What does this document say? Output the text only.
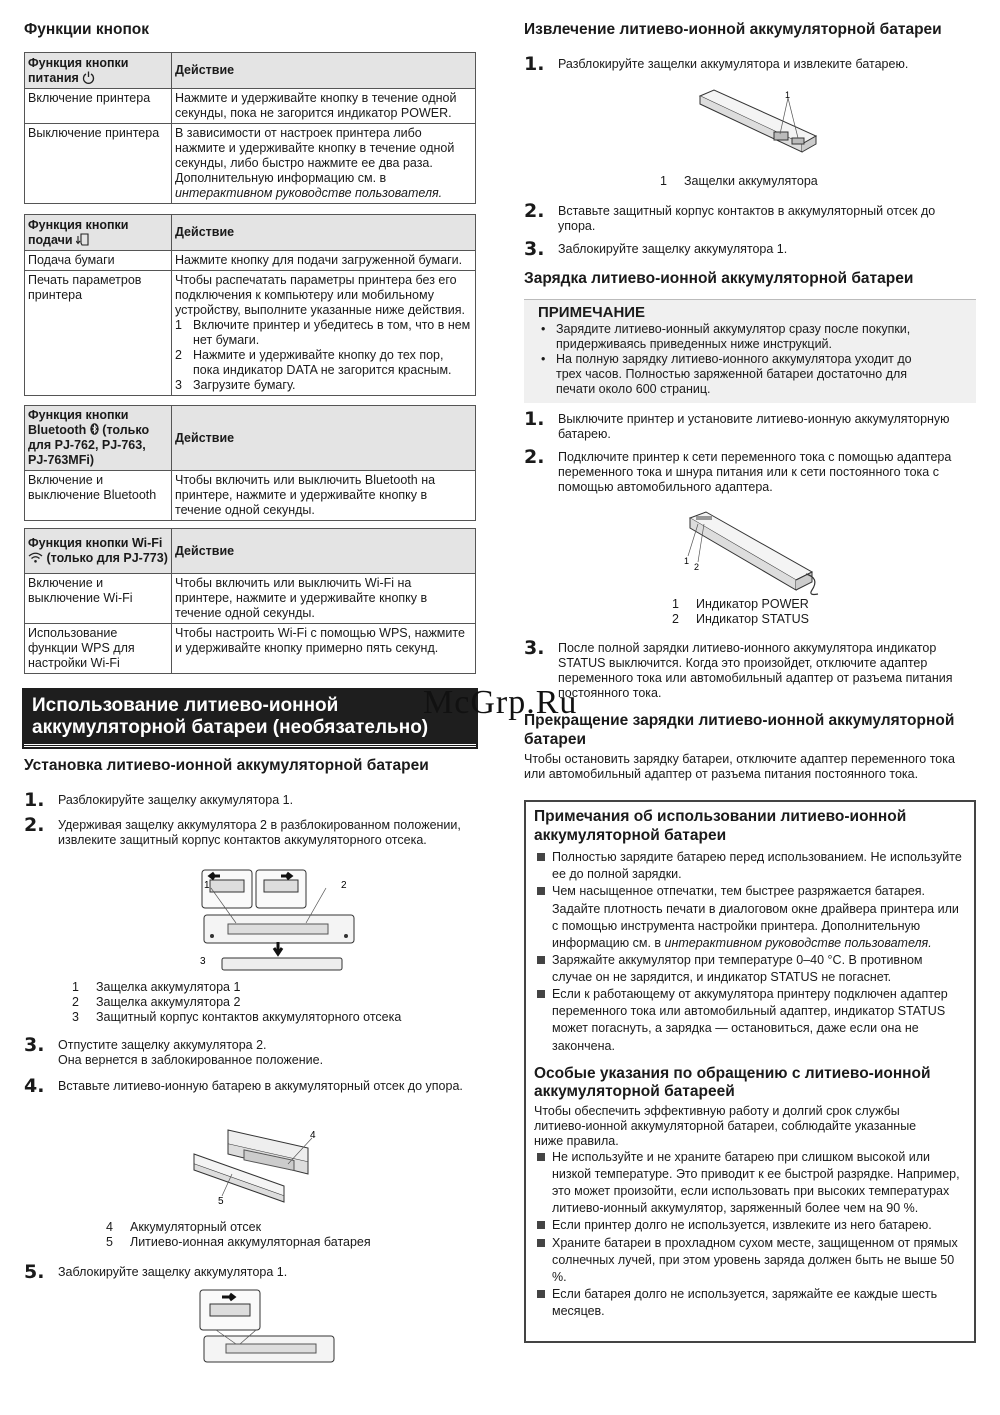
Функции кнопок
Функция кнопки питания	Действие
Включение принтера	Нажмите и удерживайте кнопку в течение одной секунды, пока не загорится индикатор POWER.
Выключение принтера	В зависимости от настроек принтера либо нажмите и удерживайте кнопку в течение одной секунды, либо быстро нажмите ее два раза. Дополнительную информацию см. в интерактивном руководстве пользователя.
Функция кнопки подачи	Действие
Подача бумаги	Нажмите кнопку для подачи загруженной бумаги.
Печать параметров принтера	Чтобы распечатать параметры принтера без его подключения к компьютеру или мобильному устройству, выполните указанные ниже действия.
1 Включите принтер и убедитесь в том, что в нем нет бумаги.
2 Нажмите и удерживайте кнопку до тех пор, пока индикатор DATA не загорится красным.
3 Загрузите бумагу.
Функция кнопки Bluetooth (только для PJ-762, PJ-763, PJ-763MFi)	Действие
Включение и выключение Bluetooth	Чтобы включить или выключить Bluetooth на принтере, нажмите и удерживайте кнопку в течение одной секунды.
Функция кнопки Wi-Fi  (только для PJ-773)	Действие
Включение и выключение Wi-Fi	Чтобы включить или выключить Wi-Fi на принтере, нажмите и удерживайте кнопку в течение одной секунды.
Использование функции WPS для настройки Wi-Fi	Чтобы настроить Wi-Fi с помощью WPS, нажмите и удерживайте кнопку примерно пять секунд.
Использование литиево-ионной
аккумуляторной батареи (необязательно)
Установка литиево-ионной аккумуляторной батареи
1. Разблокируйте защелку аккумулятора 1.
2. Удерживая защелку аккумулятора 2 в разблокированном положении, извлеките защитный корпус контактов аккумуляторного отсека.
1	2
3
1 Защелка аккумулятора 1
2 Защелка аккумулятора 2
3 Защитный корпус контактов аккумуляторного отсека
3. Отпустите защелку аккумулятора 2.
Она вернется в заблокированное положение.
4. Вставьте литиево-ионную батарею в аккумуляторный отсек до упора.
4
5
4 Аккумуляторный отсек
5 Литиево-ионная аккумуляторная батарея
5. Заблокируйте защелку аккумулятора 1.
Извлечение литиево-ионной аккумуляторной батареи
1. Разблокируйте защелки аккумулятора и извлеките батарею.
1
1 Защелки аккумулятора
2. Вставьте защитный корпус контактов в аккумуляторный отсек до упора.
3. Заблокируйте защелку аккумулятора 1.
Зарядка литиево-ионной аккумуляторной батареи
ПРИМЕЧАНИЕ
• Зарядите литиево-ионный аккумулятор сразу после покупки, придерживаясь приведенных ниже инструкций.
• На полную зарядку литиево-ионного аккумулятора уходит до трех часов. Полностью заряженной батареи достаточно для печати около 600 страниц.
1. Выключите принтер и установите литиево-ионную аккумуляторную батарею.
2. Подключите принтер к сети переменного тока с помощью адаптера переменного тока и шнура питания или к сети постоянного тока с помощью автомобильного адаптера.
1
2
1 Индикатор POWER
2 Индикатор STATUS
3. После полной зарядки литиево-ионного аккумулятора индикатор STATUS выключится. Когда это произойдет, отключите адаптер переменного тока или автомобильный адаптер от разъема питания постоянного тока.
Прекращение зарядки литиево-ионной аккумуляторной батареи
Чтобы остановить зарядку батареи, отключите адаптер переменного тока или автомобильный адаптер от разъема питания постоянного тока.
Примечания об использовании литиево-ионной аккумуляторной батареи
Полностью зарядите батарею перед использованием. Не используйте ее до полной зарядки.
Чем насыщенное отпечатки, тем быстрее разряжается батарея. Задайте плотность печати в диалоговом окне драйвера принтера или с помощью инструмента настройки принтера. Дополнительную информацию см. в интерактивном руководстве пользователя.
Заряжайте аккумулятор при температуре 0–40 °C. В противном случае он не зарядится, и индикатор STATUS не погаснет.
Если к работающему от аккумулятора принтеру подключен адаптер переменного тока или автомобильный адаптер, индикатор STATUS может погаснуть, а зарядка — остановиться, даже если она не закончена.
Особые указания по обращению с литиево-ионной аккумуляторной батареей
Чтобы обеспечить эффективную работу и долгий срок службы литиево-ионной аккумуляторной батареи, соблюдайте указанные ниже правила.
Не используйте и не храните батарею при слишком высокой или низкой температуре. Это приводит к ее быстрой разрядке. Например, это может произойти, если использовать при высоких температурах литиево-ионный аккумулятор, заряженный более чем на 90 %.
Если принтер долго не используется, извлеките из него батарею.
Храните батареи в прохладном сухом месте, защищенном от прямых солнечных лучей, при этом уровень заряда должен быть не выше 50 %.
Если батарея долго не используется, заряжайте ее каждые шесть месяцев.
McGrp.Ru
